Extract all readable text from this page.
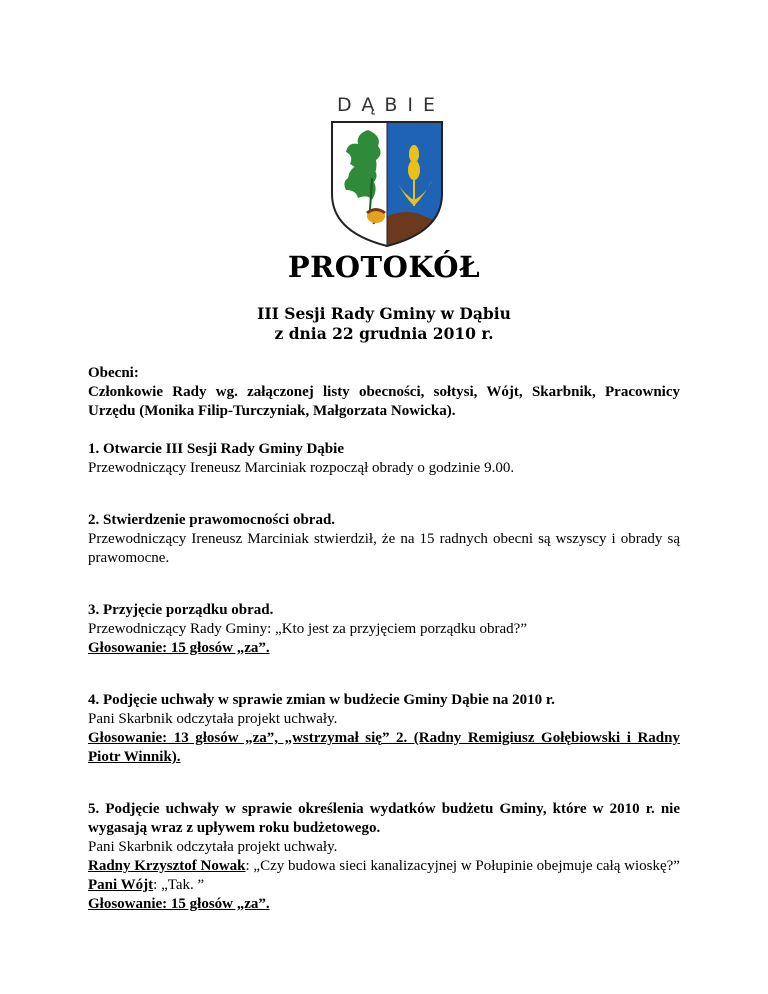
DĄBIE
PROTOKÓŁ
III Sesji Rady Gminy w Dąbiu
z dnia 22 grudnia 2010 r.

Obecni:

Członkowie Rady wg. załączonej listy obecności, sołtysi, Wójt, Skarbnik, Pracownicy Urzędu (Monika Filip-Turczyniak, Małgorzata Nowicka).

1. Otwarcie III Sesji Rady Gminy Dąbie

Przewodniczący Ireneusz Marciniak rozpoczął obrady o godzinie 9.00.

2. Stwierdzenie prawomocności obrad.

Przewodniczący Ireneusz Marciniak stwierdził, że na 15 radnych obecni są wszyscy i obrady są prawomocne.

3. Przyjęcie porządku obrad.

Przewodniczący Rady Gminy: „Kto jest za przyjęciem porządku obrad?”

Głosowanie: 15 głosów „za”.

4. Podjęcie uchwały w sprawie zmian w budżecie Gminy Dąbie na 2010 r.

Pani Skarbnik odczytała projekt uchwały.

Głosowanie: 13 głosów „za”, „wstrzymał się” 2. (Radny Remigiusz Gołębiowski i Radny Piotr Winnik).

5. Podjęcie uchwały w sprawie określenia wydatków budżetu Gminy, które w 2010 r. nie wygasają wraz z upływem roku budżetowego.

Pani Skarbnik odczytała projekt uchwały.

Radny Krzysztof Nowak: „Czy budowa sieci kanalizacyjnej w Połupinie obejmuje całą wioskę?”

Pani Wójt: „Tak. ”

Głosowanie: 15 głosów „za”.
